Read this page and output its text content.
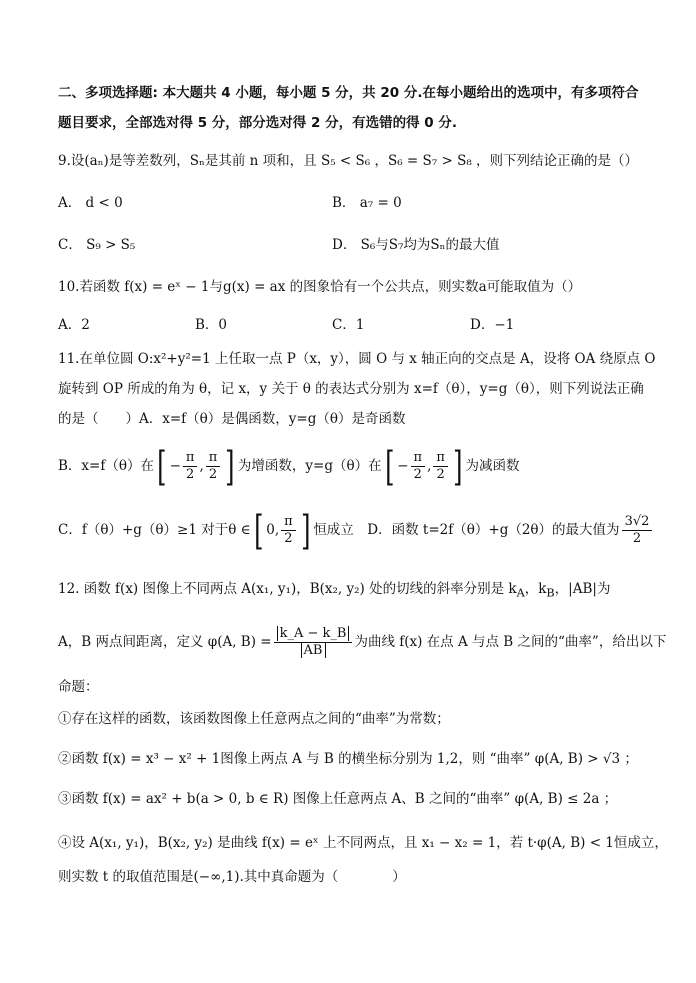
二、多项选择题: 本大题共 4 小题，每小题 5 分，共 20 分.在每小题给出的选项中，有多项符合
题目要求，全部选对得 5 分，部分选对得 2 分，有选错的得 0 分.
9.设(aₙ)是等差数列，Sₙ是其前 n 项和，且 S₅ < S₆ ，S₆ = S₇ > S₈ ，则下列结论正确的是（）
A． d < 0	B． a₇ = 0
C． S₉ > S₅	D． S₆与S₇均为Sₙ的最大值
10.若函数 f(x) = eˣ − 1与g(x) = ax 的图象恰有一个公共点，则实数a可能取值为（）
A．2	B．0	C．1	D．−1
11.在单位圆 O:x²+y²=1 上任取一点 P（x，y），圆 O 与 x 轴正向的交点是 A，设将 OA 绕原点 O
旋转到 OP 所成的角为 θ，记 x，y 关于 θ 的表达式分别为 x=f（θ），y=g（θ），则下列说法正确
的是（　　）A．x=f（θ）是偶函数，y=g（θ）是奇函数
B．x=f（θ）在[ − $\frac{\pi}{2}$ , $\frac{\pi}{2}$ ] 为增函数，y=g（θ）在[ − $\frac{\pi}{2}$ , $\frac{\pi}{2}$ ] 为减函数
C．f（θ）+g（θ）≥1 对于θ ∈[ 0, $\frac{\pi}{2}$ ] 恒成立　D．函数 t=2f（θ）+g（2θ）的最大值为 $\frac{3√2}{2}$
12. 函数 f(x) 图像上不同两点 A(x₁, y₁)，B(x₂, y₂) 处的切线的斜率分别是 $k_A$，$k_B$，|AB|为
A，B 两点间距离，定义 φ(A, $B) = \frac{k\_A - k\_B}{AB}$ 为曲线 f(x) 在点 A 与点 B 之间的“曲率”，给出以下
命题：
①存在这样的函数，该函数图像上任意两点之间的“曲率”为常数；
②函数 f(x) = x³ − x² + 1图像上两点 A 与 B 的横坐标分别为 1,2，则 “曲率” φ(A, B) > √3 ；
③函数 f(x) = ax² + b(a > 0, b ∈ R) 图像上任意两点 A、B 之间的“曲率” φ(A, B) ≤ 2a ；
④设 A(x₁, y₁)，B(x₂, y₂) 是曲线 f(x) = eˣ 上不同两点，且 x₁ − x₂ = 1，若 t·φ(A, B) < 1恒成立，
则实数 t 的取值范围是(−∞,1).其中真命题为（　　　　）
